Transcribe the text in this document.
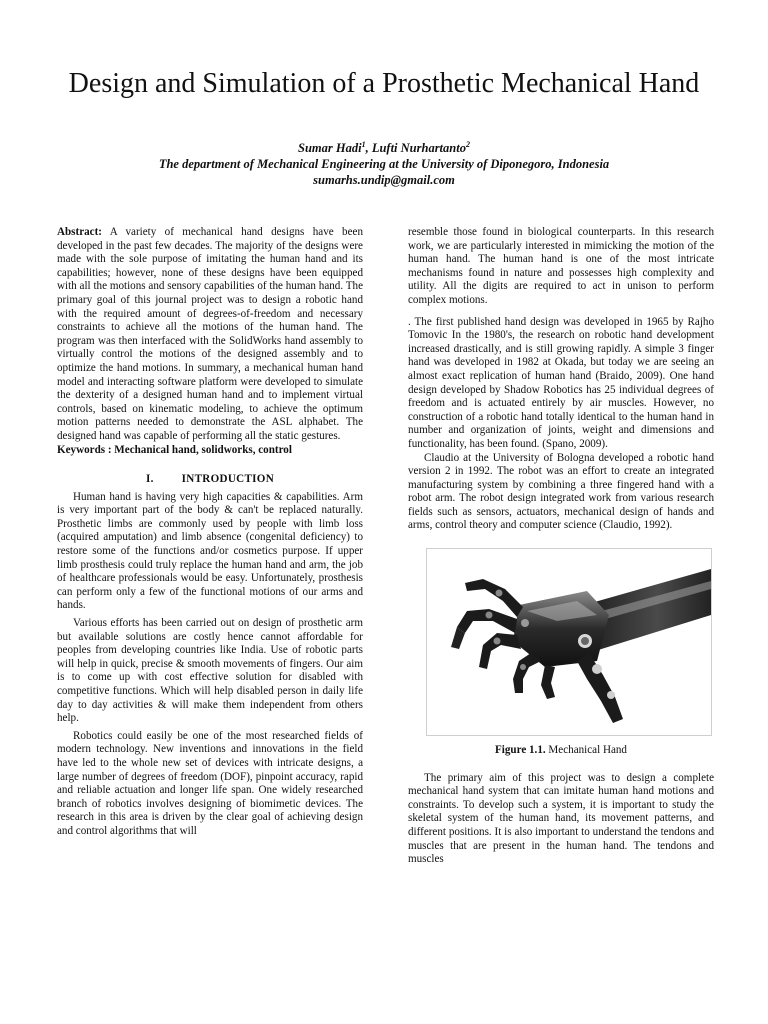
Design and Simulation of a Prosthetic Mechanical Hand
Sumar Hadi$^1$, Lufti Nurhartanto$^2$
The department of Mechanical Engineering at the University of Diponegoro, Indonesia
sumarhs.undip@gmail.com

Abstract: A variety of mechanical hand designs have been developed in the past few decades. The majority of the designs were made with the sole purpose of imitating the human hand and its capabilities; however, none of these designs have been equipped with all the motions and sensory capabilities of the human hand. The primary goal of this journal project was to design a robotic hand with the required amount of degrees-of-freedom and necessary constraints to achieve all the motions of the human hand. The program was then interfaced with the SolidWorks hand assembly to virtually control the motions of the designed assembly and to optimize the hand motions. In summary, a mechanical human hand model and interacting software platform were developed to simulate the dexterity of a designed human hand and to implement virtual controls, based on kinematic modeling, to achieve the optimum motion patterns needed to demonstrate the ASL alphabet. The designed hand was capable of performing all the static gestures.

Keywords : Mechanical hand, solidworks, control

I.	INTRODUCTION

Human hand is having very high capacities & capabilities. Arm is very important part of the body & can't be replaced naturally. Prosthetic limbs are commonly used by people with limb loss (acquired amputation) and limb absence (congenital deficiency) to restore some of the functions and/or cosmetics purpose. If upper limb prosthesis could truly replace the human hand and arm, the job of healthcare professionals would be easy. Unfortunately, prosthesis can perform only a few of the functional motions of our arms and hands.

Various efforts has been carried out on design of prosthetic arm but available solutions are costly hence cannot affordable for peoples from developing countries like India. Use of robotic parts will help in quick, precise & smooth movements of fingers. Our aim is to come up with cost effective solution for disabled with competitive functions. Which will help disabled person in daily life day to day activities & will make them independent from others help.

Robotics could easily be one of the most researched fields of modern technology. New inventions and innovations in the field have led to the whole new set of devices with intricate designs, a large number of degrees of freedom (DOF), pinpoint accuracy, rapid and reliable actuation and longer life span. One widely researched branch of robotics involves designing of biomimetic devices. The research in this area is driven by the clear goal of achieving design and control algorithms that will

resemble those found in biological counterparts. In this research work, we are particularly interested in mimicking the motion of the human hand. The human hand is one of the most intricate mechanisms found in nature and possesses high complexity and utility. All the digits are required to act in unison to perform complex motions.

. The first published hand design was developed in 1965 by Rajho Tomovic In the 1980's, the research on robotic hand development increased drastically, and is still growing rapidly. A simple 3 finger hand was developed in 1982 at Okada, but today we are seeing an almost exact replication of human hand (Braido, 2009). One hand design developed by Shadow Robotics has 25 individual degrees of freedom and is actuated entirely by air muscles. However, no construction of a robotic hand totally identical to the human hand in number and organization of joints, weight and dimensions and functionality, has been found. (Spano, 2009).

Claudio at the University of Bologna developed a robotic hand version 2 in 1992. The robot was an effort to create an integrated manufacturing system by combining a three fingered hand with a robot arm. The robot design integrated work from various research fields such as sensors, actuators, mechanical design of hands and arms, control theory and computer science (Claudio, 1992).

Figure 1.1. Mechanical Hand

The primary aim of this project was to design a complete mechanical hand system that can imitate human hand motions and constraints. To develop such a system, it is important to study the skeletal system of the human hand, its movement patterns, and different positions. It is also important to understand the tendons and muscles that are present in the human hand. The tendons and muscles
